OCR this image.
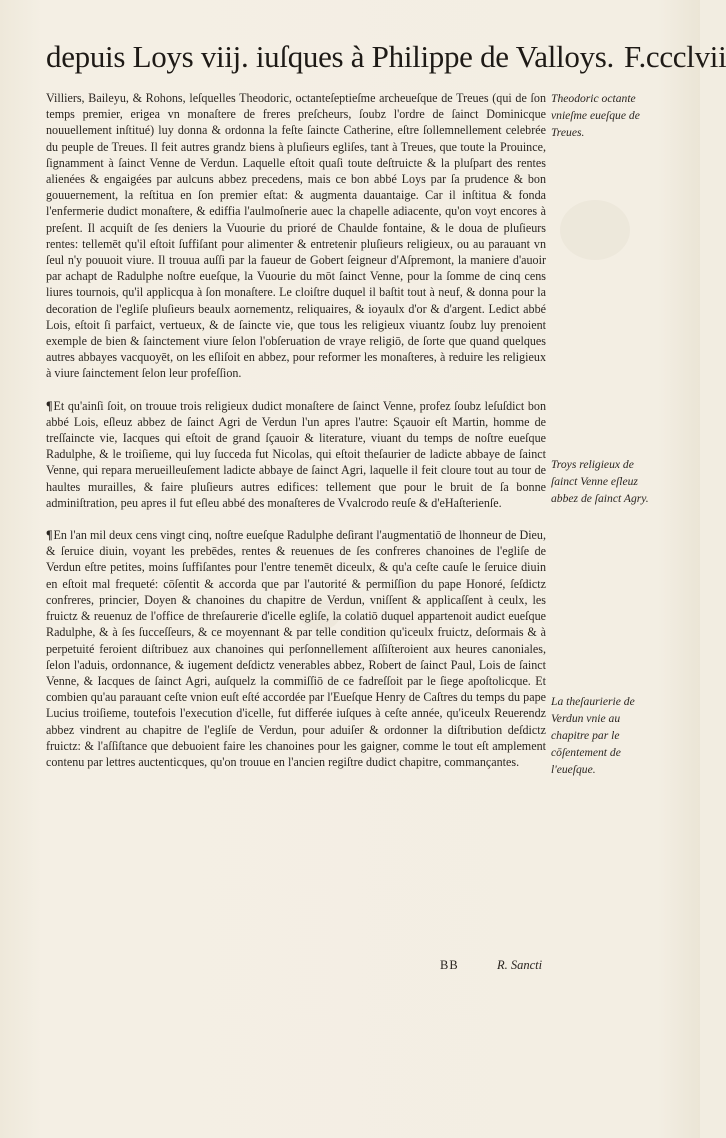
depuis Loys viij. iuſques à Philippe de Valloys. F.ccclvii

Villiers, Baileyu, & Rohons, leſquelles Theodoric, octanteſeptieſme archeueſque de Treues (qui de ſon temps premier, erigea vn monaſtere de freres preſcheurs, ſoubz l'ordre de ſainct Dominicque nouuellement inſtitué) luy donna & ordonna la feſte ſaincte Catherine, eſtre ſollemnellement celebrée du peuple de Treues. Il feit autres grandz biens à pluſieurs egliſes, tant à Treues, que toute la Prouince, ſignamment à ſainct Venne de Verdun. Laquelle eſtoit quaſi toute deſtruicte & la pluſpart des rentes alienées & engaigées par aulcuns abbez precedens, mais ce bon abbé Loys par ſa prudence & bon gouuernement, la reſtitua en ſon premier eſtat: & augmenta dauantaige. Car il inſtitua & fonda l'enfermerie dudict monaſtere, & ediffia l'aulmoſnerie auec la chapelle adiacente, qu'on voyt encores à preſent. Il acquiſt de ſes deniers la Vuourie du prioré de Chaulde fontaine, & le doua de pluſieurs rentes: tellemēt qu'il eſtoit ſuffiſant pour alimenter & entretenir pluſieurs religieux, ou au parauant vn ſeul n'y pouuoit viure. Il trouua auſſi par la faueur de Gobert ſeigneur d'Aſpremont, la maniere d'auoir par achapt de Radulphe noſtre eueſque, la Vuourie du mōt ſainct Venne, pour la ſomme de cinq cens liures tournois, qu'il applicqua à ſon monaſtere. Le cloiſtre duquel il baſtit tout à neuf, & donna pour la decoration de l'egliſe pluſieurs beaulx aornementz, reliquaires, & ioyaulx d'or & d'argent. Ledict abbé Lois, eſtoit ſi parfaict, vertueux, & de ſaincte vie, que tous les religieux viuantz ſoubz luy prenoient exemple de bien & ſainctement viure ſelon l'obſeruation de vraye religiō, de ſorte que quand quelques autres abbayes vacquoyēt, on les eſliſoit en abbez, pour reformer les monaſteres, à reduire les religieux à viure ſainctement ſelon leur profeſſion.

¶Et qu'ainſi ſoit, on trouue trois religieux dudict monaſtere de ſainct Venne, profez ſoubz leſuſdict bon abbé Lois, eſleuz abbez de ſainct Agri de Verdun l'un apres l'autre: Sçauoir eſt Martin, homme de treſſaincte vie, Iacques qui eſtoit de grand ſçauoir & literature, viuant du temps de noſtre eueſque Radulphe, & le troiſieme, qui luy ſucceda fut Nicolas, qui eſtoit theſaurier de ladicte abbaye de ſainct Venne, qui repara merueilleuſement ladicte abbaye de ſainct Agri, laquelle il feit cloure tout au tour de haultes murailles, & faire pluſieurs autres edifices: tellement que pour le bruit de ſa bonne adminiſtration, peu apres il fut eſleu abbé des monaſteres de Vvalcrodo reuſe & d'eHaſterienſe.

¶En l'an mil deux cens vingt cinq, noſtre eueſque Radulphe deſirant l'augmentatiō de lhonneur de Dieu, & ſeruice diuin, voyant les prebēdes, rentes & reuenues de ſes confreres chanoines de l'egliſe de Verdun eſtre petites, moins ſuffiſantes pour l'entre tenemēt diceulx, & qu'a ceſte cauſe le ſeruice diuin en eſtoit mal frequeté: cōſentit & accorda que par l'autorité & permiſſion du pape Honoré, ſeſdictz confreres, princier, Doyen & chanoines du chapitre de Verdun, vniſſent & applicaſſent à ceulx, les fruictz & reuenuz de l'office de threſaurerie d'icelle egliſe, la colatiō duquel appartenoit audict eueſque Radulphe, & à ſes ſucceſſeurs, & ce moyennant & par telle condition qu'iceulx fruictz, deſormais & à perpetuité feroient diſtribuez aux chanoines qui perſonnellement aſſiſteroient aux heures canoniales, ſelon l'aduis, ordonnance, & iugement deſdictz venerables abbez, Robert de ſainct Paul, Lois de ſainct Venne, & Iacques de ſainct Agri, auſquelz la commiſſiō de ce fadreſſoit par le ſiege apoſtolicque. Et combien qu'au parauant ceſte vnion euſt eſté accordée par l'Eueſque Henry de Caſtres du temps du pape Lucius troiſieme, toutefois l'execution d'icelle, fut differée iuſques à ceſte année, qu'iceulx Reuerendz abbez vindrent au chapitre de l'egliſe de Verdun, pour aduiſer & ordonner la diſtribution deſdictz fruictz: & l'aſſiſtance que debuoient faire les chanoines pour les gaigner, comme le tout eſt amplement contenu par lettres auctenticques, qu'on trouue en l'ancien regiſtre dudict chapitre, commançantes.

Theodoric octante vnieſme eueſque de Treues.
Troys religieux de ſainct Venne eſleuz abbez de ſainct Agry.
La theſaurierie de Verdun vnie au chapitre par le cōſentement de l'eueſque.
BB	R. Sancti
